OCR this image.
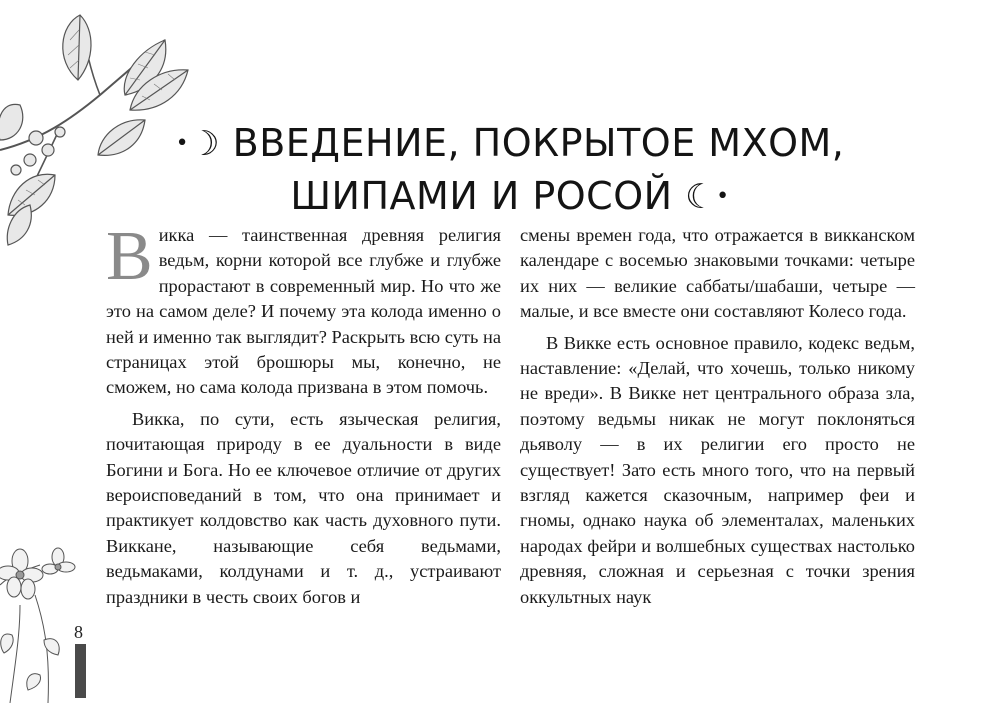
•☽ ВВЕДЕНИЕ, ПОКРЫТОЕ МХОМ,
ШИПАМИ И РОСОЙ ☾•

Викка — таинственная древняя религия ведьм, корни которой все глубже и глубже прорастают в современный мир. Но что же это на самом деле? И почему эта колода именно о ней и именно так выглядит? Раскрыть всю суть на страницах этой брошюры мы, конечно, не сможем, но сама колода призвана в этом помочь.

Викка, по сути, есть языческая религия, почитающая природу в ее дуальности в виде Богини и Бога. Но ее ключевое отличие от других вероисповеданий в том, что она принимает и практикует колдовство как часть духовного пути. Викканe, называющие себя ведьмами, ведьмаками, колдунами и т. д., устраивают праздники в честь своих богов и

смены времен года, что отражается в викканском календаре с восемью знаковыми точками: четыре их них — великие саббаты/шабаши, четыре — малые, и все вместе они составляют Колесо года.

В Викке есть основное правило, кодекс ведьм, наставление: «Делай, что хочешь, только никому не вреди». В Викке нет центрального образа зла, поэтому ведьмы никак не могут поклоняться дьяволу — в их религии его просто не существует! Зато есть много того, что на первый взгляд кажется сказочным, например феи и гномы, однако наука об элементалах, маленьких народах фейри и волшебных существах настолько древняя, сложная и серьезная с точки зрения оккультных наук

8
